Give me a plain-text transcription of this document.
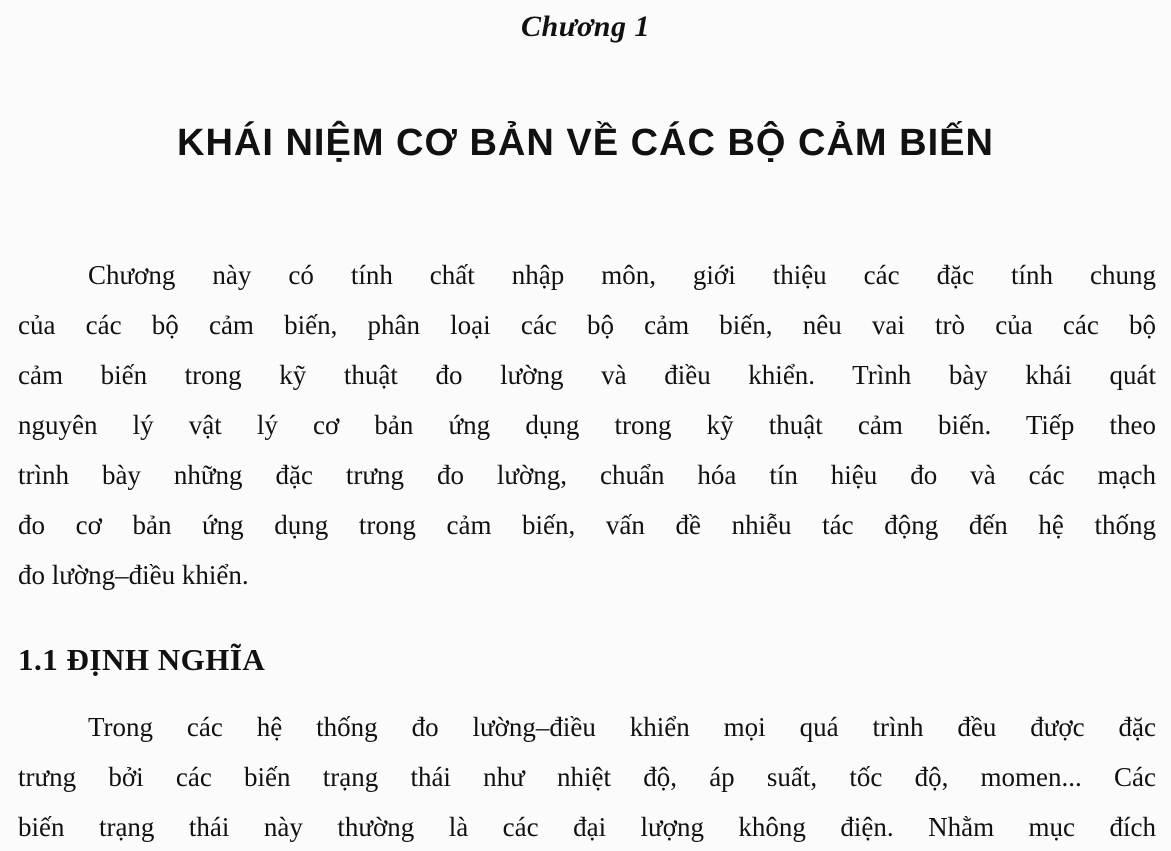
Chương 1
KHÁI NIỆM CƠ BẢN VỀ CÁC BỘ CẢM BIẾN

Chương này có tính chất nhập môn, giới thiệu các đặc tính chung
của các bộ cảm biến, phân loại các bộ cảm biến, nêu vai trò của các bộ
cảm biến trong kỹ thuật đo lường và điều khiển. Trình bày khái quát
nguyên lý vật lý cơ bản ứng dụng trong kỹ thuật cảm biến. Tiếp theo
trình bày những đặc trưng đo lường, chuẩn hóa tín hiệu đo và các mạch
đo cơ bản ứng dụng trong cảm biến, vấn đề nhiễu tác động đến hệ thống
đo lường–điều khiển.

1.1 ĐỊNH NGHĨA

Trong các hệ thống đo lường–điều khiển mọi quá trình đều được đặc
trưng bởi các biến trạng thái như nhiệt độ, áp suất, tốc độ, momen... Các
biến trạng thái này thường là các đại lượng không điện. Nhằm mục đích
